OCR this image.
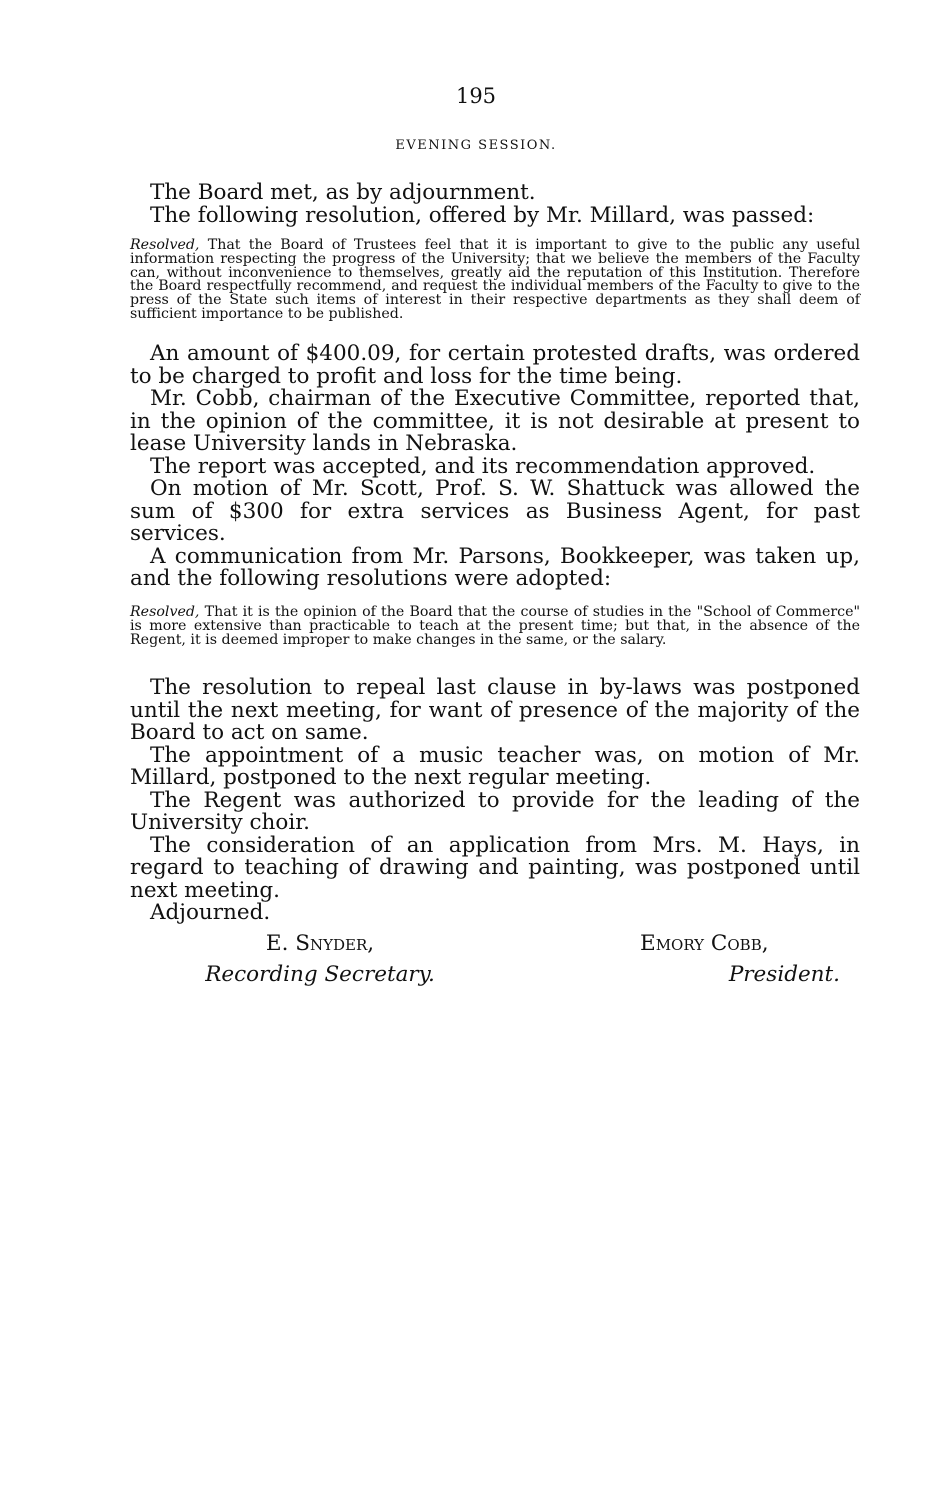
195
EVENING SESSION.
The Board met, as by adjournment.
The following resolution, offered by Mr. Millard, was passed:
Resolved, That the Board of Trustees feel that it is important to give to the public any useful information respecting the progress of the University; that we believe the members of the Faculty can, without inconvenience to themselves, greatly aid the reputation of this Institution. Therefore the Board respectfully recommend, and request the individual members of the Faculty to give to the press of the State such items of interest in their respective departments as they shall deem of sufficient importance to be published.
An amount of $400.09, for certain protested drafts, was ordered to be charged to profit and loss for the time being.
Mr. Cobb, chairman of the Executive Committee, reported that, in the opinion of the committee, it is not desirable at present to lease University lands in Nebraska.
The report was accepted, and its recommendation approved.
On motion of Mr. Scott, Prof. S. W. Shattuck was allowed the sum of $300 for extra services as Business Agent, for past services.
A communication from Mr. Parsons, Bookkeeper, was taken up, and the following resolutions were adopted:
Resolved, That it is the opinion of the Board that the course of studies in the "School of Commerce" is more extensive than practicable to teach at the present time; but that, in the absence of the Regent, it is deemed improper to make changes in the same, or the salary.
The resolution to repeal last clause in by-laws was postponed until the next meeting, for want of presence of the majority of the Board to act on same.
The appointment of a music teacher was, on motion of Mr. Millard, postponed to the next regular meeting.
The Regent was authorized to provide for the leading of the University choir.
The consideration of an application from Mrs. M. Hays, in regard to teaching of drawing and painting, was postponed until next meeting.
Adjourned.
E. Snyder,
Recording Secretary.
Emory Cobb,
President.
